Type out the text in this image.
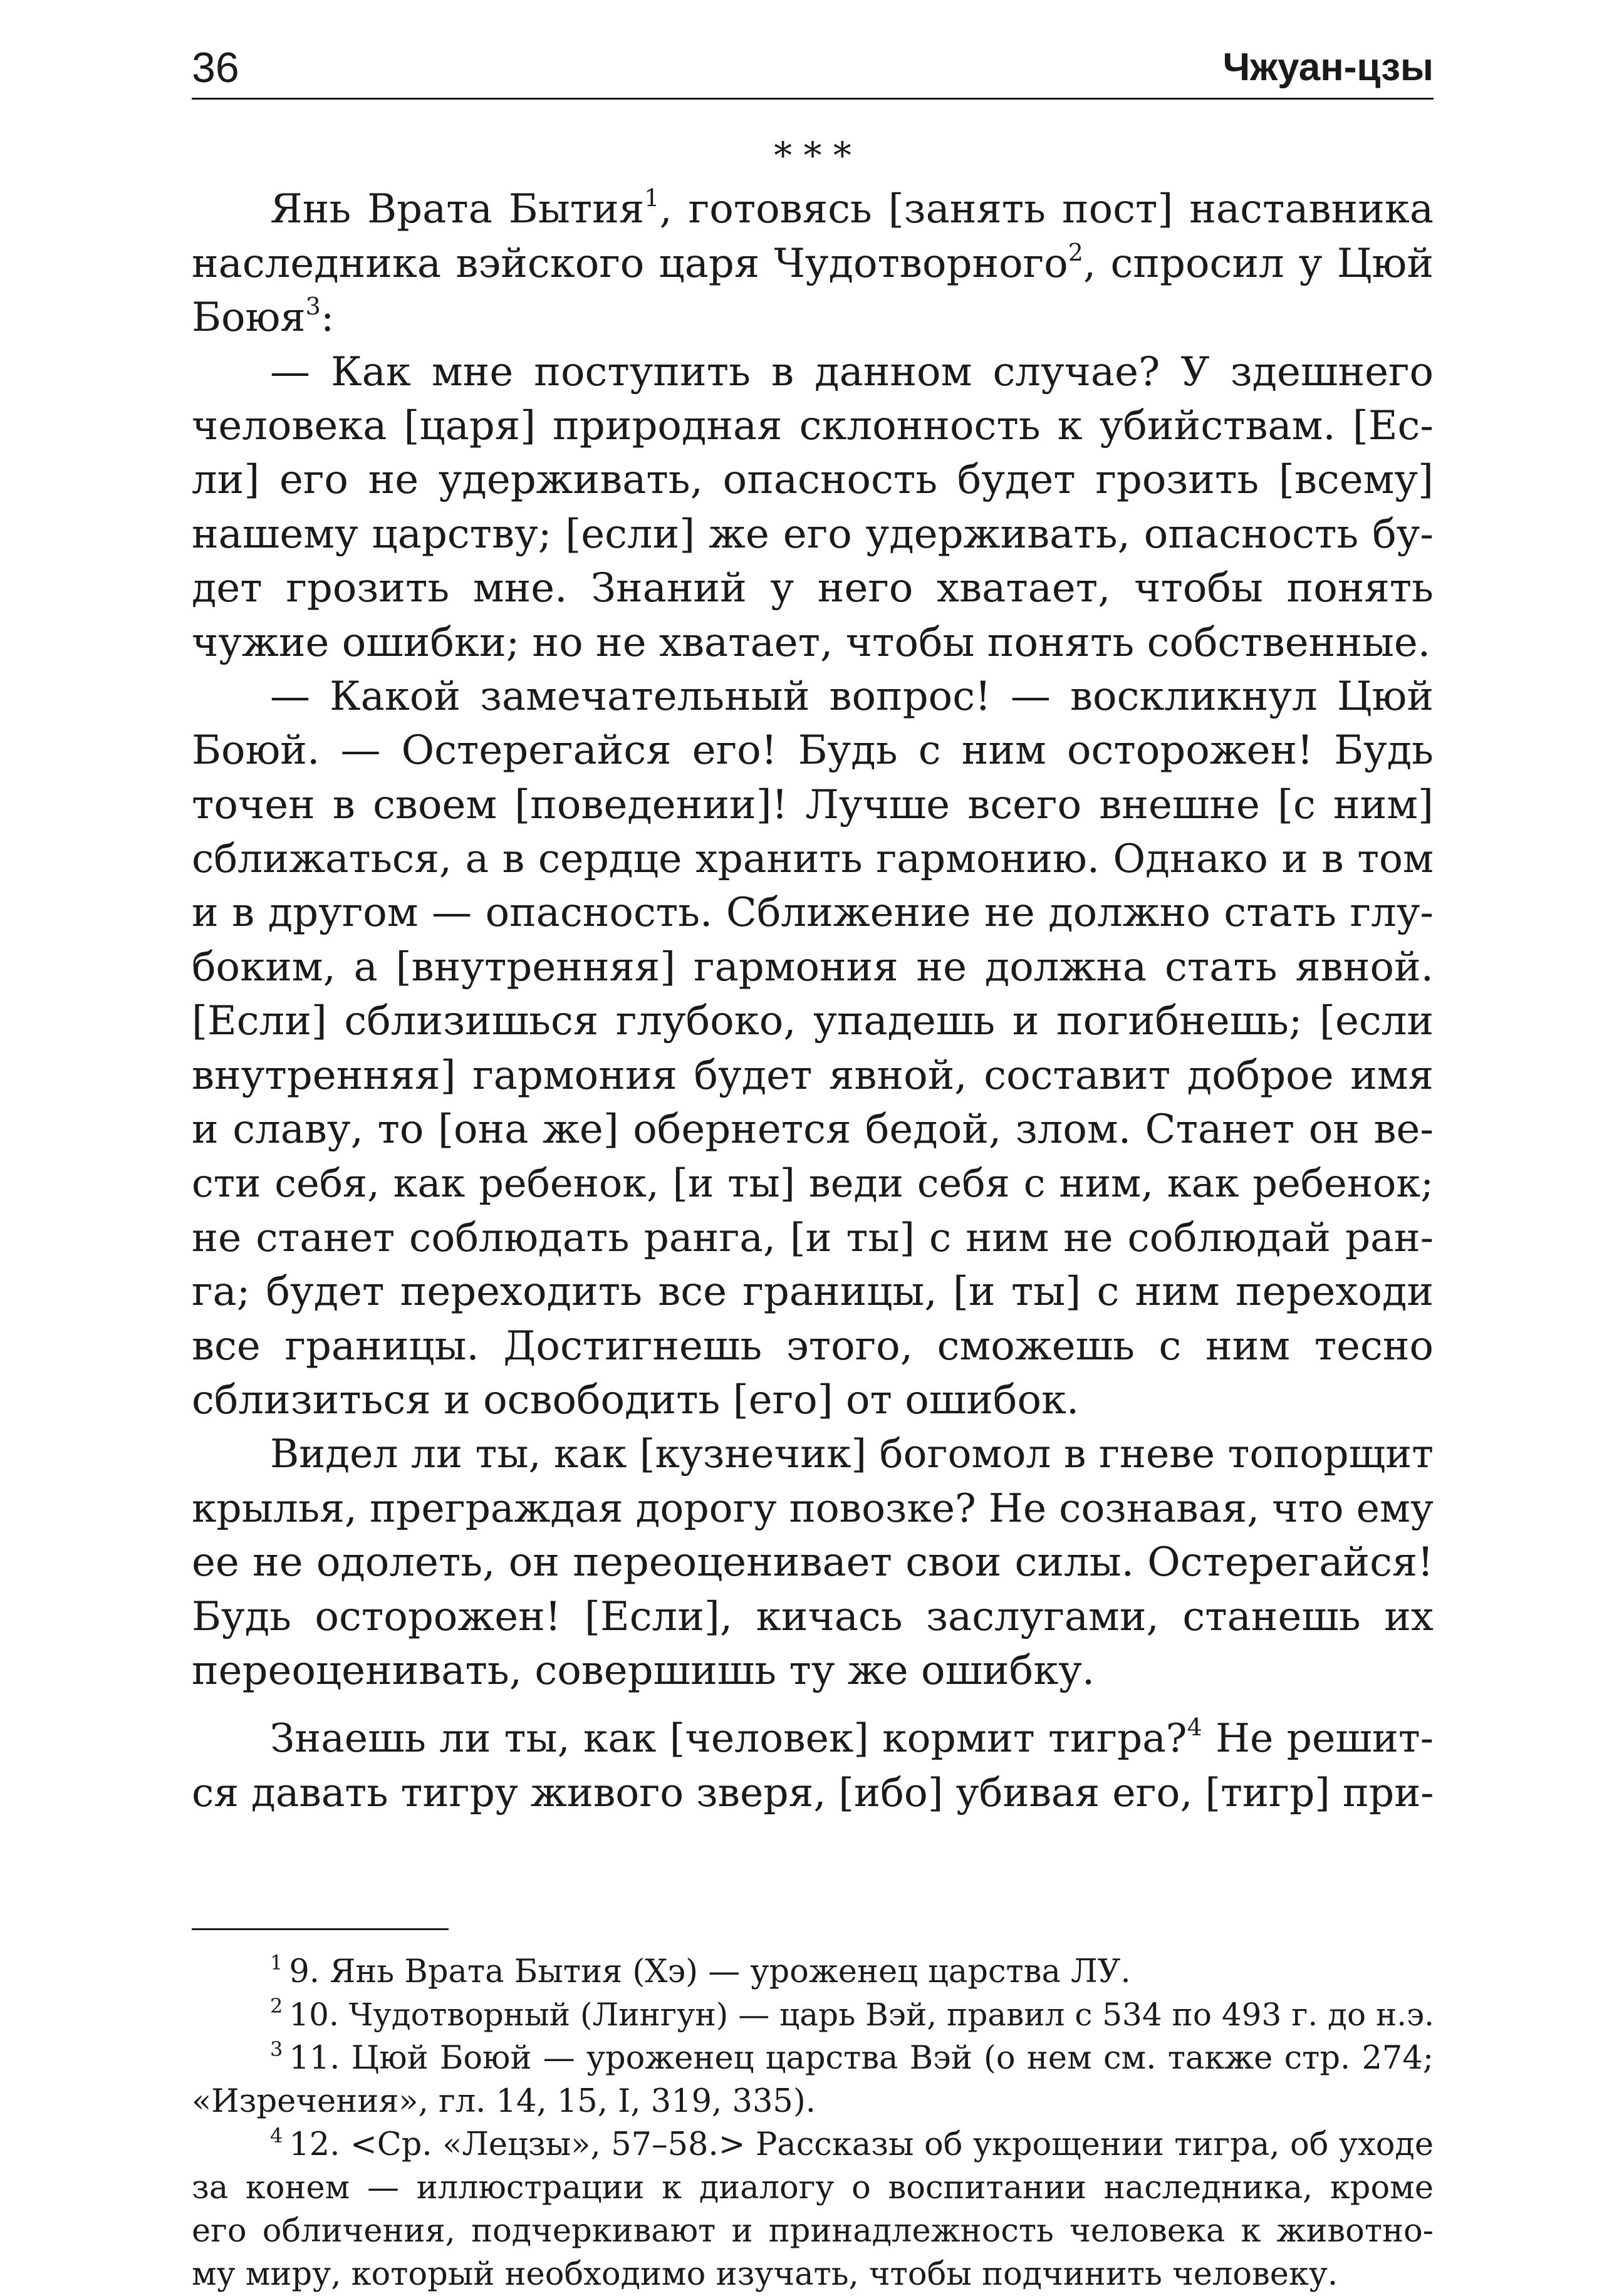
36	Чжуан-цзы
* * *
Янь Врата Бытия$^1$, готовясь [занять пост] наставника
наследника вэйского царя Чудотворного$^2$, спросил у Цюй
Боюя$^3$:
— Как мне поступить в данном случае? У здешнего
человека [царя] природная склонность к убийствам. [Ес-
ли] его не удерживать, опасность будет грозить [всему]
нашему царству; [если] же его удерживать, опасность бу-
дет грозить мне. Знаний у него хватает, чтобы понять
чужие ошибки; но не хватает, чтобы понять собственные.
— Какой замечательный вопрос! — воскликнул Цюй
Боюй. — Остерегайся его! Будь с ним осторожен! Будь
точен в своем [поведении]! Лучше всего внешне [с ним]
сближаться, а в сердце хранить гармонию. Однако и в том
и в другом — опасность. Сближение не должно стать глу-
боким, а [внутренняя] гармония не должна стать явной.
[Если] сблизишься глубоко, упадешь и погибнешь; [если
внутренняя] гармония будет явной, составит доброе имя
и славу, то [она же] обернется бедой, злом. Станет он ве-
сти себя, как ребенок, [и ты] веди себя с ним, как ребенок;
не станет соблюдать ранга, [и ты] с ним не соблюдай ран-
га; будет переходить все границы, [и ты] с ним переходи
все границы. Достигнешь этого, сможешь с ним тесно
сблизиться и освободить [его] от ошибок.
Видел ли ты, как [кузнечик] богомол в гневе топорщит
крылья, преграждая дорогу повозке? Не сознавая, что ему
ее не одолеть, он переоценивает свои силы. Остерегайся!
Будь осторожен! [Если], кичась заслугами, станешь их
переоценивать, совершишь ту же ошибку.
Знаешь ли ты, как [человек] кормит тигра?$^4$ Не решит-
ся давать тигру живого зверя, [ибо] убивая его, [тигр] при-
$^1$ 9. Янь Врата Бытия (Хэ) — уроженец царства ЛУ.
$^2$ 10. Чудотворный (Лингун) — царь Вэй, правил с 534 по 493 г. до н.э.
$^3$ 11. Цюй Боюй — уроженец царства Вэй (о нем см. также стр. 274;
«Изречения», гл. 14, 15, I, 319, 335).
$^4$ 12. <Ср. «Лецзы», 57–58.> Рассказы об укрощении тигра, об уходе
за конем — иллюстрации к диалогу о воспитании наследника, кроме
его обличения, подчеркивают и принадлежность человека к животно-
му миру, который необходимо изучать, чтобы подчинить человеку.
